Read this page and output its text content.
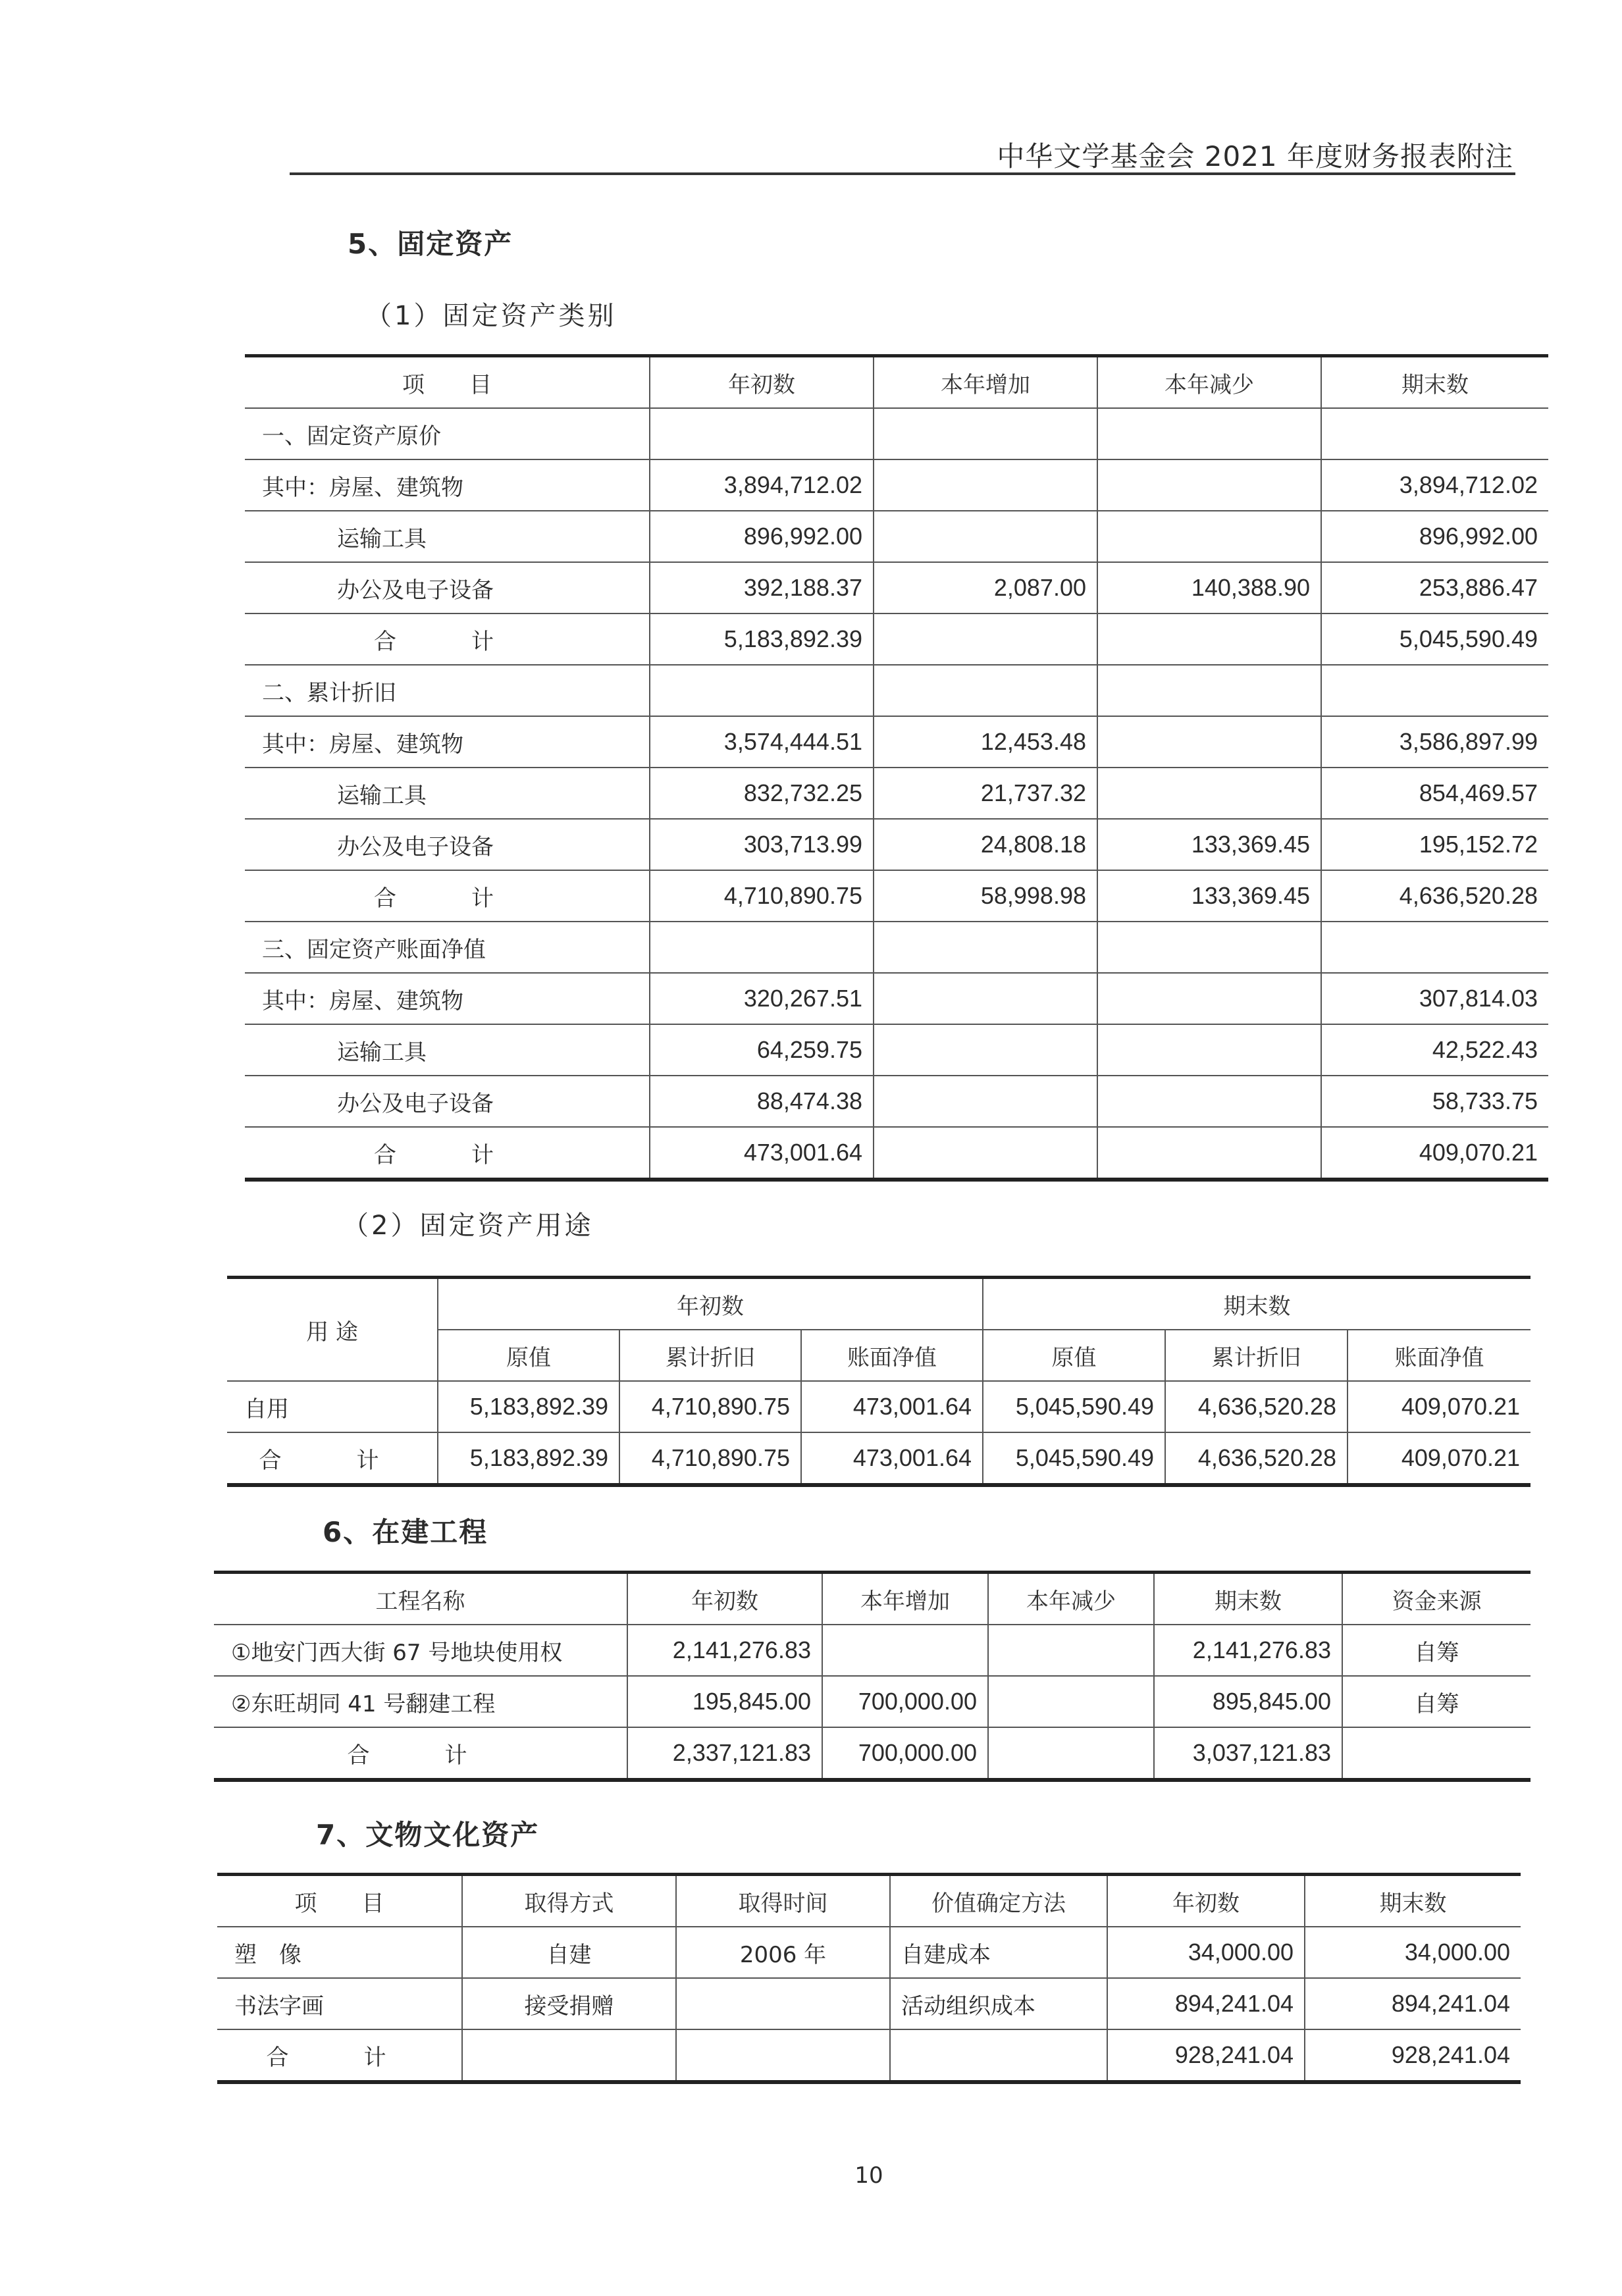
中华文学基金会 2021 年度财务报表附注
5、固定资产
（1）固定资产类别
项　　目	年初数	本年增加	本年减少	期末数
一、固定资产原价				
其中：房屋、建筑物	3,894,712.02			3,894,712.02
运输工具	896,992.00			896,992.00
办公及电子设备	392,188.37	2,087.00	140,388.90	253,886.47
合　计	5,183,892.39			5,045,590.49
二、累计折旧				
其中：房屋、建筑物	3,574,444.51	12,453.48		3,586,897.99
运输工具	832,732.25	21,737.32		854,469.57
办公及电子设备	303,713.99	24,808.18	133,369.45	195,152.72
合　计	4,710,890.75	58,998.98	133,369.45	4,636,520.28
三、固定资产账面净值				
其中：房屋、建筑物	320,267.51			307,814.03
运输工具	64,259.75			42,522.43
办公及电子设备	88,474.38			58,733.75
合　计	473,001.64			409,070.21
（2）固定资产用途
用 途	年初数			期末数		
	原值	累计折旧	账面净值	原值	累计折旧	账面净值
自用	5,183,892.39	4,710,890.75	473,001.64	5,045,590.49	4,636,520.28	409,070.21
合　计	5,183,892.39	4,710,890.75	473,001.64	5,045,590.49	4,636,520.28	409,070.21
6、在建工程
工程名称	年初数	本年增加	本年减少	期末数	资金来源
①地安门西大街 67 号地块使用权	2,141,276.83			2,141,276.83	自筹
②东旺胡同 41 号翻建工程	195,845.00	700,000.00		895,845.00	自筹
合　计	2,337,121.83	700,000.00		3,037,121.83	
7、文物文化资产
项　　目	取得方式	取得时间	价值确定方法	年初数	期末数
塑　像	自建	2006 年	自建成本	34,000.00	34,000.00
书法字画	接受捐赠		活动组织成本	894,241.04	894,241.04
合　计				928,241.04	928,241.04
10
